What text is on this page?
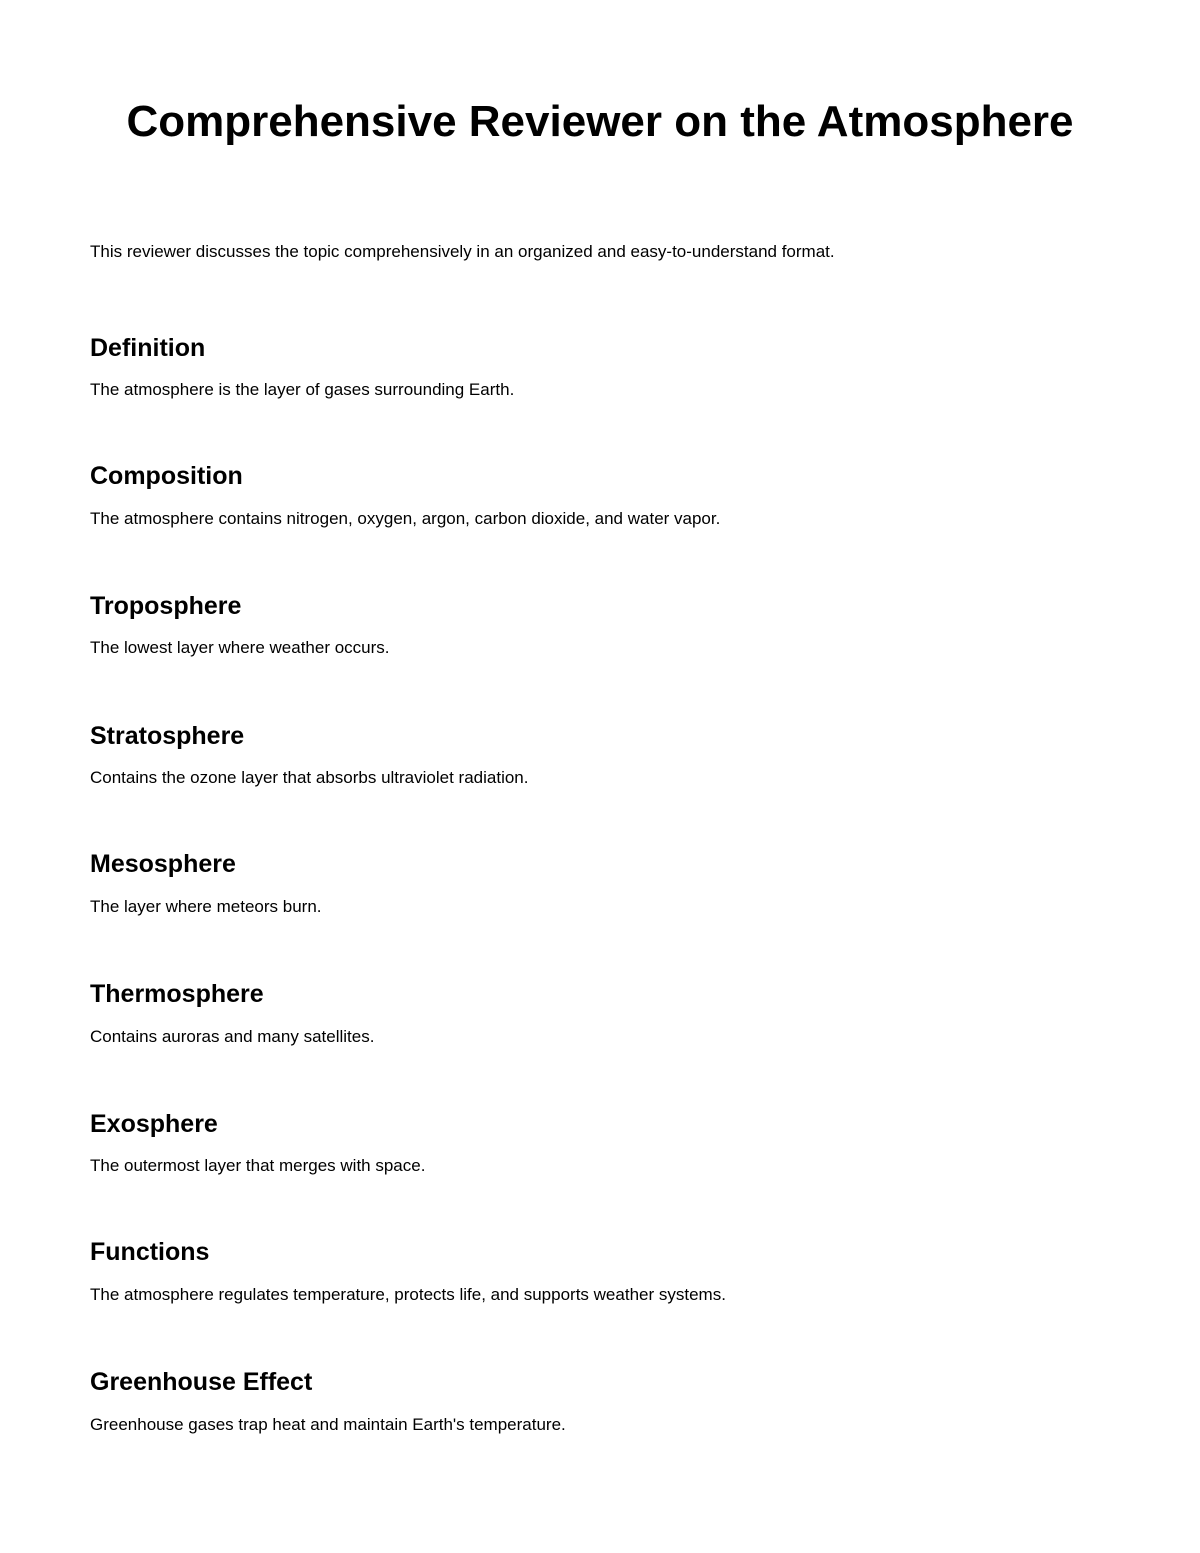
Comprehensive Reviewer on the Atmosphere

This reviewer discusses the topic comprehensively in an organized and easy-to-understand format.

Definition

The atmosphere is the layer of gases surrounding Earth.

Composition

The atmosphere contains nitrogen, oxygen, argon, carbon dioxide, and water vapor.

Troposphere

The lowest layer where weather occurs.

Stratosphere

Contains the ozone layer that absorbs ultraviolet radiation.

Mesosphere

The layer where meteors burn.

Thermosphere

Contains auroras and many satellites.

Exosphere

The outermost layer that merges with space.

Functions

The atmosphere regulates temperature, protects life, and supports weather systems.

Greenhouse Effect

Greenhouse gases trap heat and maintain Earth's temperature.
